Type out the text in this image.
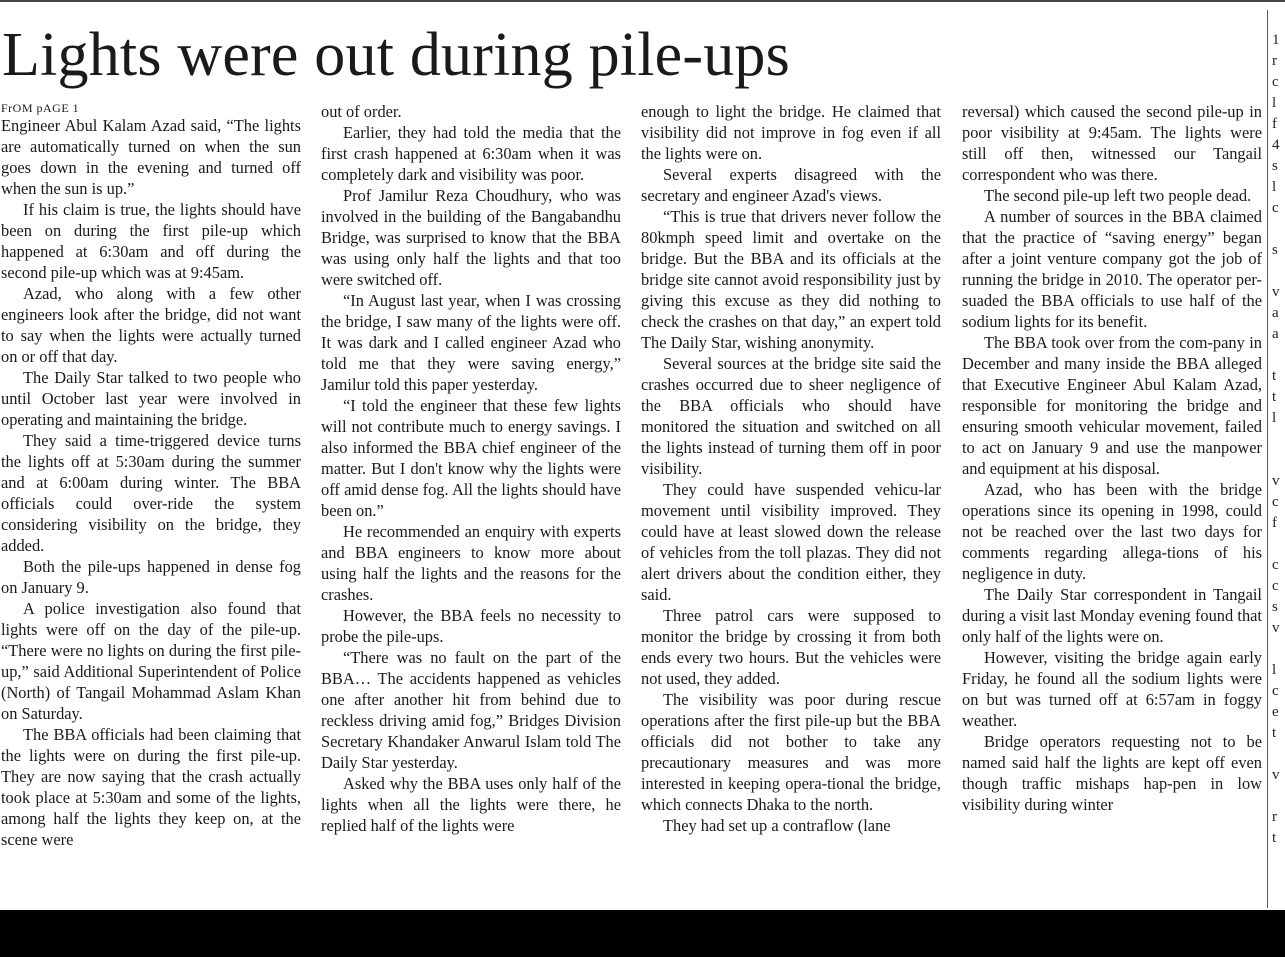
Lights were out during pile-ups

FrOM pAGE 1

Engineer Abul Kalam Azad said, “The lights are automatically turned on when the sun goes down in the evening and turned off when the sun is up.”

If his claim is true, the lights should have been on during the first pile-up which happened at 6:30am and off during the second pile-up which was at 9:45am.

Azad, who along with a few other engineers look after the bridge, did not want to say when the lights were actually turned on or off that day.

The Daily Star talked to two people who until October last year were involved in operating and maintaining the bridge.

They said a time-triggered device turns the lights off at 5:30am during the summer and at 6:00am during winter. The BBA officials could over-ride the system considering visibility on the bridge, they added.

Both the pile-ups happened in dense fog on January 9.

A police investigation also found that lights were off on the day of the pile-up. “There were no lights on during the first pile-up,” said Additional Superintendent of Police (North) of Tangail Mohammad Aslam Khan on Saturday.

The BBA officials had been claiming that the lights were on during the first pile-up. They are now saying that the crash actually took place at 5:30am and some of the lights, among half the lights they keep on, at the scene were

out of order.

Earlier, they had told the media that the first crash happened at 6:30am when it was completely dark and visibility was poor.

Prof Jamilur Reza Choudhury, who was involved in the building of the Bangabandhu Bridge, was surprised to know that the BBA was using only half the lights and that too were switched off.

“In August last year, when I was crossing the bridge, I saw many of the lights were off. It was dark and I called engineer Azad who told me that they were saving energy,” Jamilur told this paper yesterday.

“I told the engineer that these few lights will not contribute much to energy savings. I also informed the BBA chief engineer of the matter. But I don't know why the lights were off amid dense fog. All the lights should have been on.”

He recommended an enquiry with experts and BBA engineers to know more about using half the lights and the reasons for the crashes.

However, the BBA feels no necessity to probe the pile-ups.

“There was no fault on the part of the BBA… The accidents happened as vehicles one after another hit from behind due to reckless driving amid fog,” Bridges Division Secretary Khandaker Anwarul Islam told The Daily Star yesterday.

Asked why the BBA uses only half of the lights when all the lights were there, he replied half of the lights were

enough to light the bridge. He claimed that visibility did not improve in fog even if all the lights were on.

Several experts disagreed with the secretary and engineer Azad's views.

“This is true that drivers never follow the 80kmph speed limit and overtake on the bridge. But the BBA and its officials at the bridge site cannot avoid responsibility just by giving this excuse as they did nothing to check the crashes on that day,” an expert told The Daily Star, wishing anonymity.

Several sources at the bridge site said the crashes occurred due to sheer negligence of the BBA officials who should have monitored the situation and switched on all the lights instead of turning them off in poor visibility.

They could have suspended vehicu-lar movement until visibility improved. They could have at least slowed down the release of vehicles from the toll plazas. They did not alert drivers about the condition either, they said.

Three patrol cars were supposed to monitor the bridge by crossing it from both ends every two hours. But the vehicles were not used, they added.

The visibility was poor during rescue operations after the first pile-up but the BBA officials did not bother to take any precautionary measures and was more interested in keeping opera-tional the bridge, which connects Dhaka to the north.

They had set up a contraflow (lane

reversal) which caused the second pile-up in poor visibility at 9:45am. The lights were still off then, witnessed our Tangail correspondent who was there.

The second pile-up left two people dead.

A number of sources in the BBA claimed that the practice of “saving energy” began after a joint venture company got the job of running the bridge in 2010. The operator per-suaded the BBA officials to use half of the sodium lights for its benefit.

The BBA took over from the com-pany in December and many inside the BBA alleged that Executive Engineer Abul Kalam Azad, responsible for monitoring the bridge and ensuring smooth vehicular movement, failed to act on January 9 and use the manpower and equipment at his disposal.

Azad, who has been with the bridge operations since its opening in 1998, could not be reached over the last two days for comments regarding allega-tions of his negligence in duty.

The Daily Star correspondent in Tangail during a visit last Monday evening found that only half of the lights were on.

However, visiting the bridge again early Friday, he found all the sodium lights were on but was turned off at 6:57am in foggy weather.

Bridge operators requesting not to be named said half the lights are kept off even though traffic mishaps hap-pen in low visibility during winter

1
r
c
l
f
4
s
l
c

s

v
a
a

t
t
l

v
c
f

c
c
s
v

l
c
e
t

v

r
t
